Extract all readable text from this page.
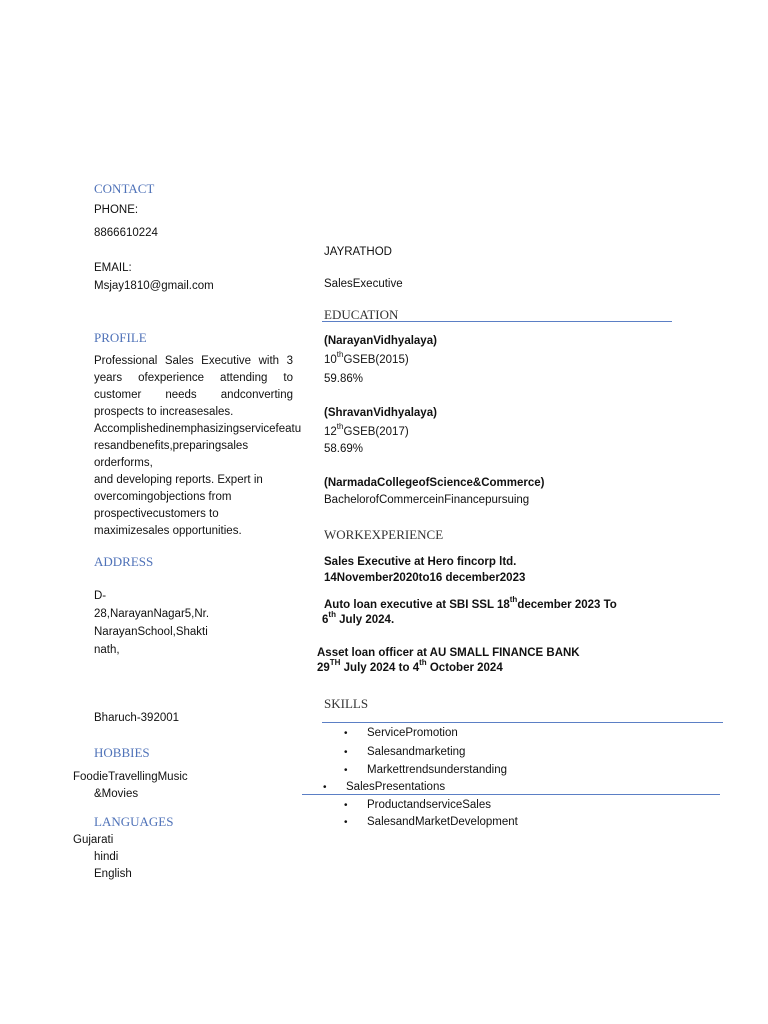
CONTACT
PHONE:
8866610224
EMAIL:
Msjay1810@gmail.com
PROFILE
Professional Sales Executive with 3
years ofexperience attending to
customer needs andconverting
prospects to increasesales.
Accomplishedinemphasizingservicefeatu
resandbenefits,preparingsales
orderforms,
and developing reports. Expert in
overcomingobjections from
prospectivecustomers to
maximizesales opportunities.
ADDRESS
D-
28,NarayanNagar5,Nr.
NarayanSchool,Shakti
nath,
Bharuch-392001
HOBBIES
FoodieTravellingMusic
&Movies
LANGUAGES
Gujarati
hindi
English
JAYRATHOD
SalesExecutive
EDUCATION
(NarayanVidhyalaya)
10thGSEB(2015)
59.86%
(ShravanVidhyalaya)
12thGSEB(2017)
58.69%
(NarmadaCollegeofScience&Commerce)
BachelorofCommerceinFinancepursuing
WORKEXPERIENCE
Sales Executive at Hero fincorp ltd.
14November2020to16 december2023
Auto loan executive at SBI SSL 18thdecember 2023 To
6th July 2024.
Asset loan officer at AU SMALL FINANCE BANK
29TH July 2024 to 4th October 2024
SKILLS
• ServicePromotion
• Salesandmarketing
• Markettrendsunderstanding
• SalesPresentations
• ProductandserviceSales
• SalesandMarketDevelopment
